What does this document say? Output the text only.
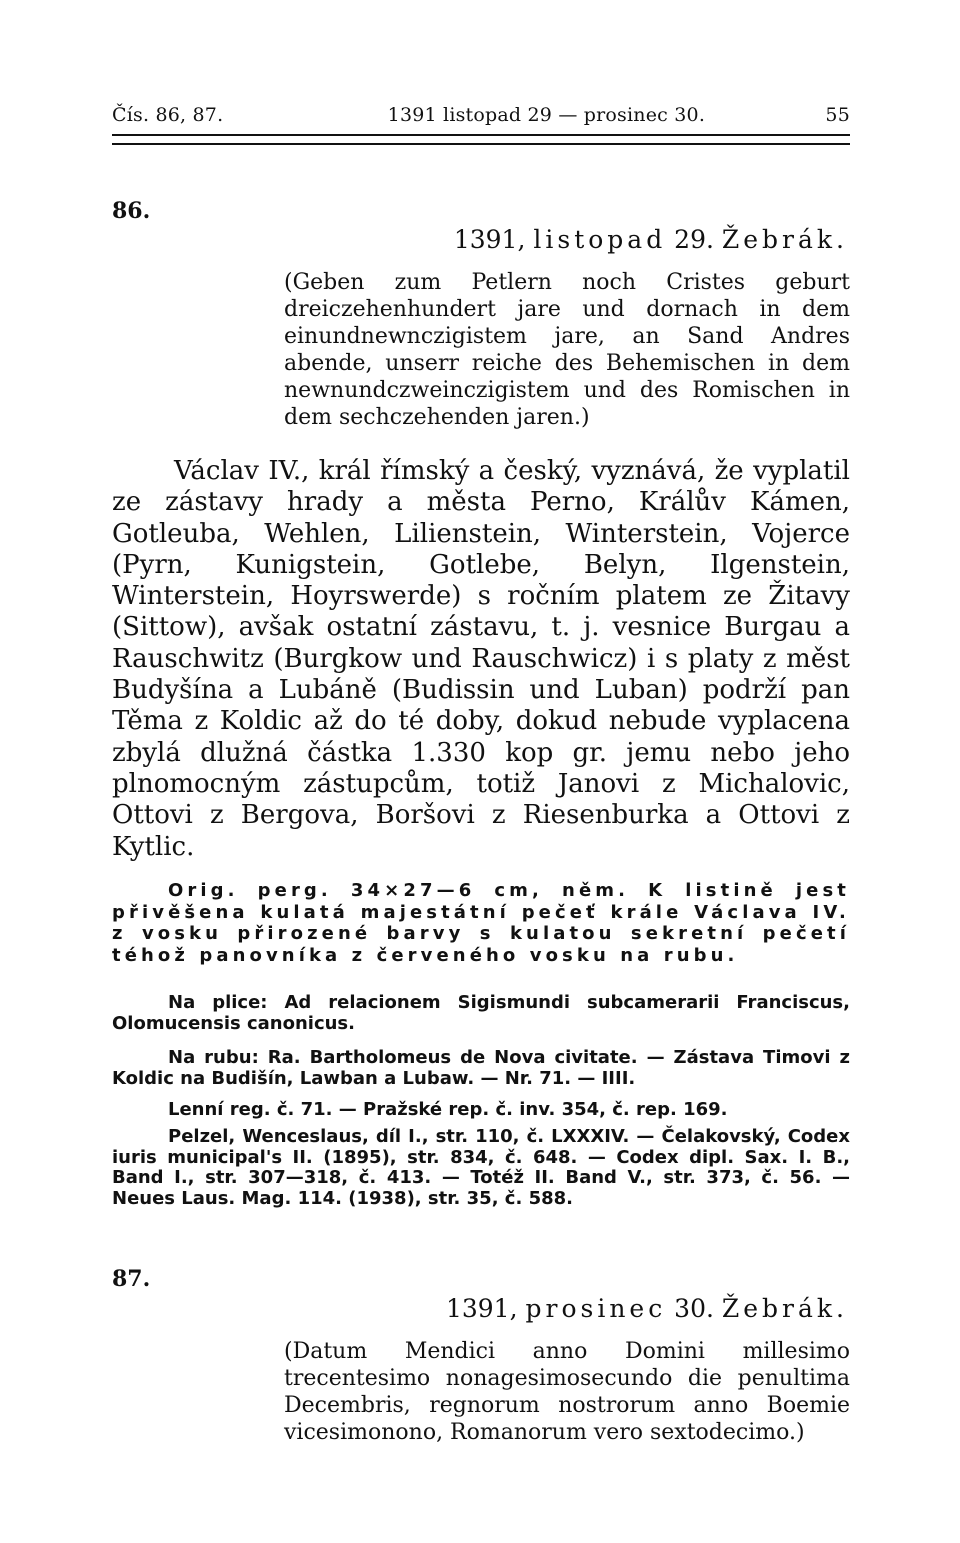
Čís. 86, 87.	1391 listopad 29 — prosinec 30.	55
86.
1391, listopad 29. Žebrák.
(Geben zum Petlern noch Cristes geburt dreiczehenhundert jare und dornach in dem einundnewnczigistem jare, an Sand Andres abende, unserr reiche des Behemischen in dem newnundczweinczigistem und des Romischen in dem sechczehenden jaren.)
Václav IV., král římský a český, vyznává, že vyplatil ze zástavy hrady a města Perno, Králův Kámen, Gotleuba, Wehlen, Lilienstein, Winterstein, Vojerce (Pyrn, Kunigstein, Gotlebe, Belyn, Ilgenstein, Winterstein, Hoyrswerde) s ročním platem ze Žitavy (Sittow), avšak ostatní zástavu, t. j. vesnice Burgau a Rauschwitz (Burgkow und Rauschwicz) i s platy z měst Budyšína a Lubáně (Budissin und Luban) podrží pan Těma z Koldic až do té doby, dokud nebude vyplacena zbylá dlužná částka 1.330 kop gr. jemu nebo jeho plnomocným zástupcům, totiž Janovi z Michalovic, Ottovi z Bergova, Boršovi z Riesenburka a Ottovi z Kytlic.
Orig. perg. 34×27—6 cm, něm. K listině jest přivěšena kulatá majestátní pečeť krále Václava IV. z vosku přirozené barvy s kulatou sekretní pečetí téhož panovníka z červeného vosku na rubu.
Na plice: Ad relacionem Sigismundi subcamerarii Franciscus, Olomucensis canonicus.
Na rubu: Ra. Bartholomeus de Nova civitate. — Zástava Timovi z Koldic na Budišín, Lawban a Lubaw. — Nr. 71. — IIII.
Lenní reg. č. 71. — Pražské rep. č. inv. 354, č. rep. 169.
Pelzel, Wenceslaus, díl I., str. 110, č. LXXXIV. — Čelakovský, Codex iuris municipal's II. (1895), str. 834, č. 648. — Codex dipl. Sax. I. B., Band I., str. 307—318, č. 413. — Totéž II. Band V., str. 373, č. 56. — Neues Laus. Mag. 114. (1938), str. 35, č. 588.
87.
1391, prosinec 30. Žebrák.
(Datum Mendici anno Domini millesimo trecentesimo nonagesimosecundo die penultima Decembris, regnorum nostrorum anno Boemie vicesimonono, Romanorum vero sextodecimo.)
